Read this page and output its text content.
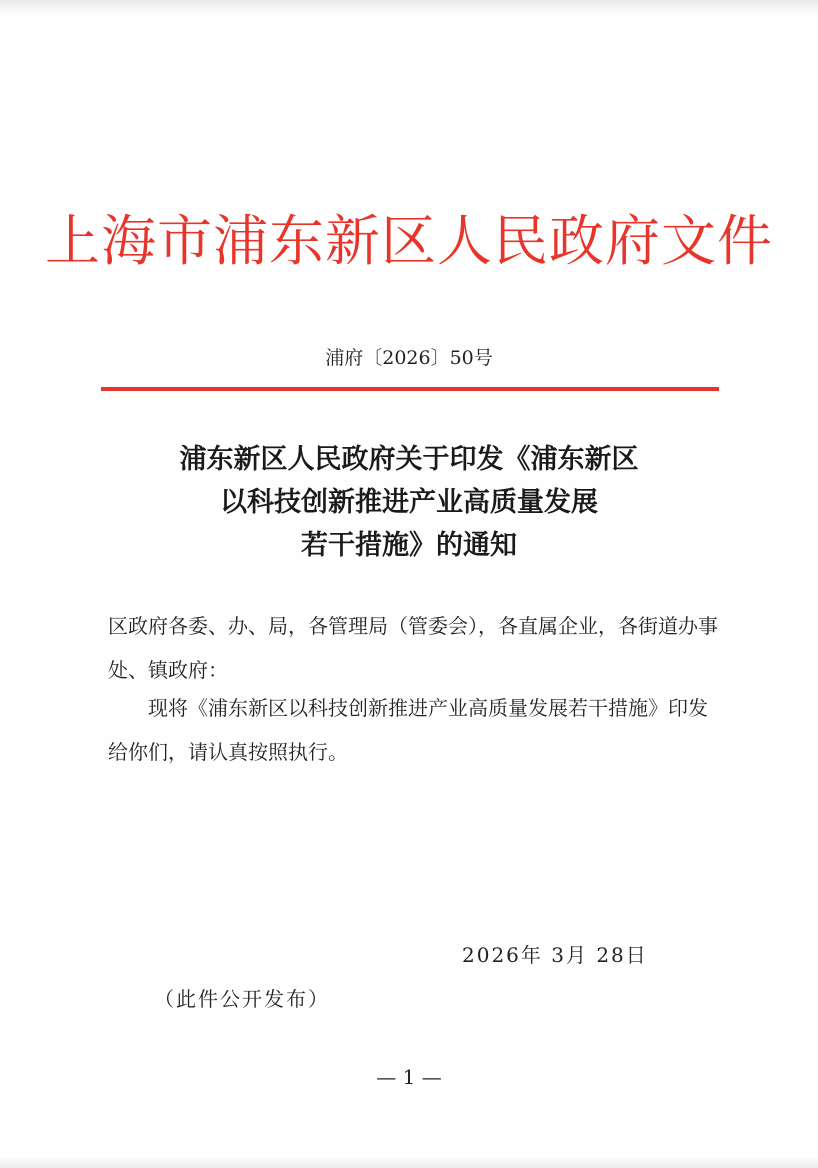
上海市浦东新区人民政府文件
浦府〔2026〕50号
浦东新区人民政府关于印发《浦东新区
以科技创新推进产业高质量发展
若干措施》的通知
区政府各委、办、局，各管理局（管委会），各直属企业，各街道办事处、镇政府：
现将《浦东新区以科技创新推进产业高质量发展若干措施》印发给你们，请认真按照执行。
2026年 3月 28日
（此件公开发布）
— 1 —
